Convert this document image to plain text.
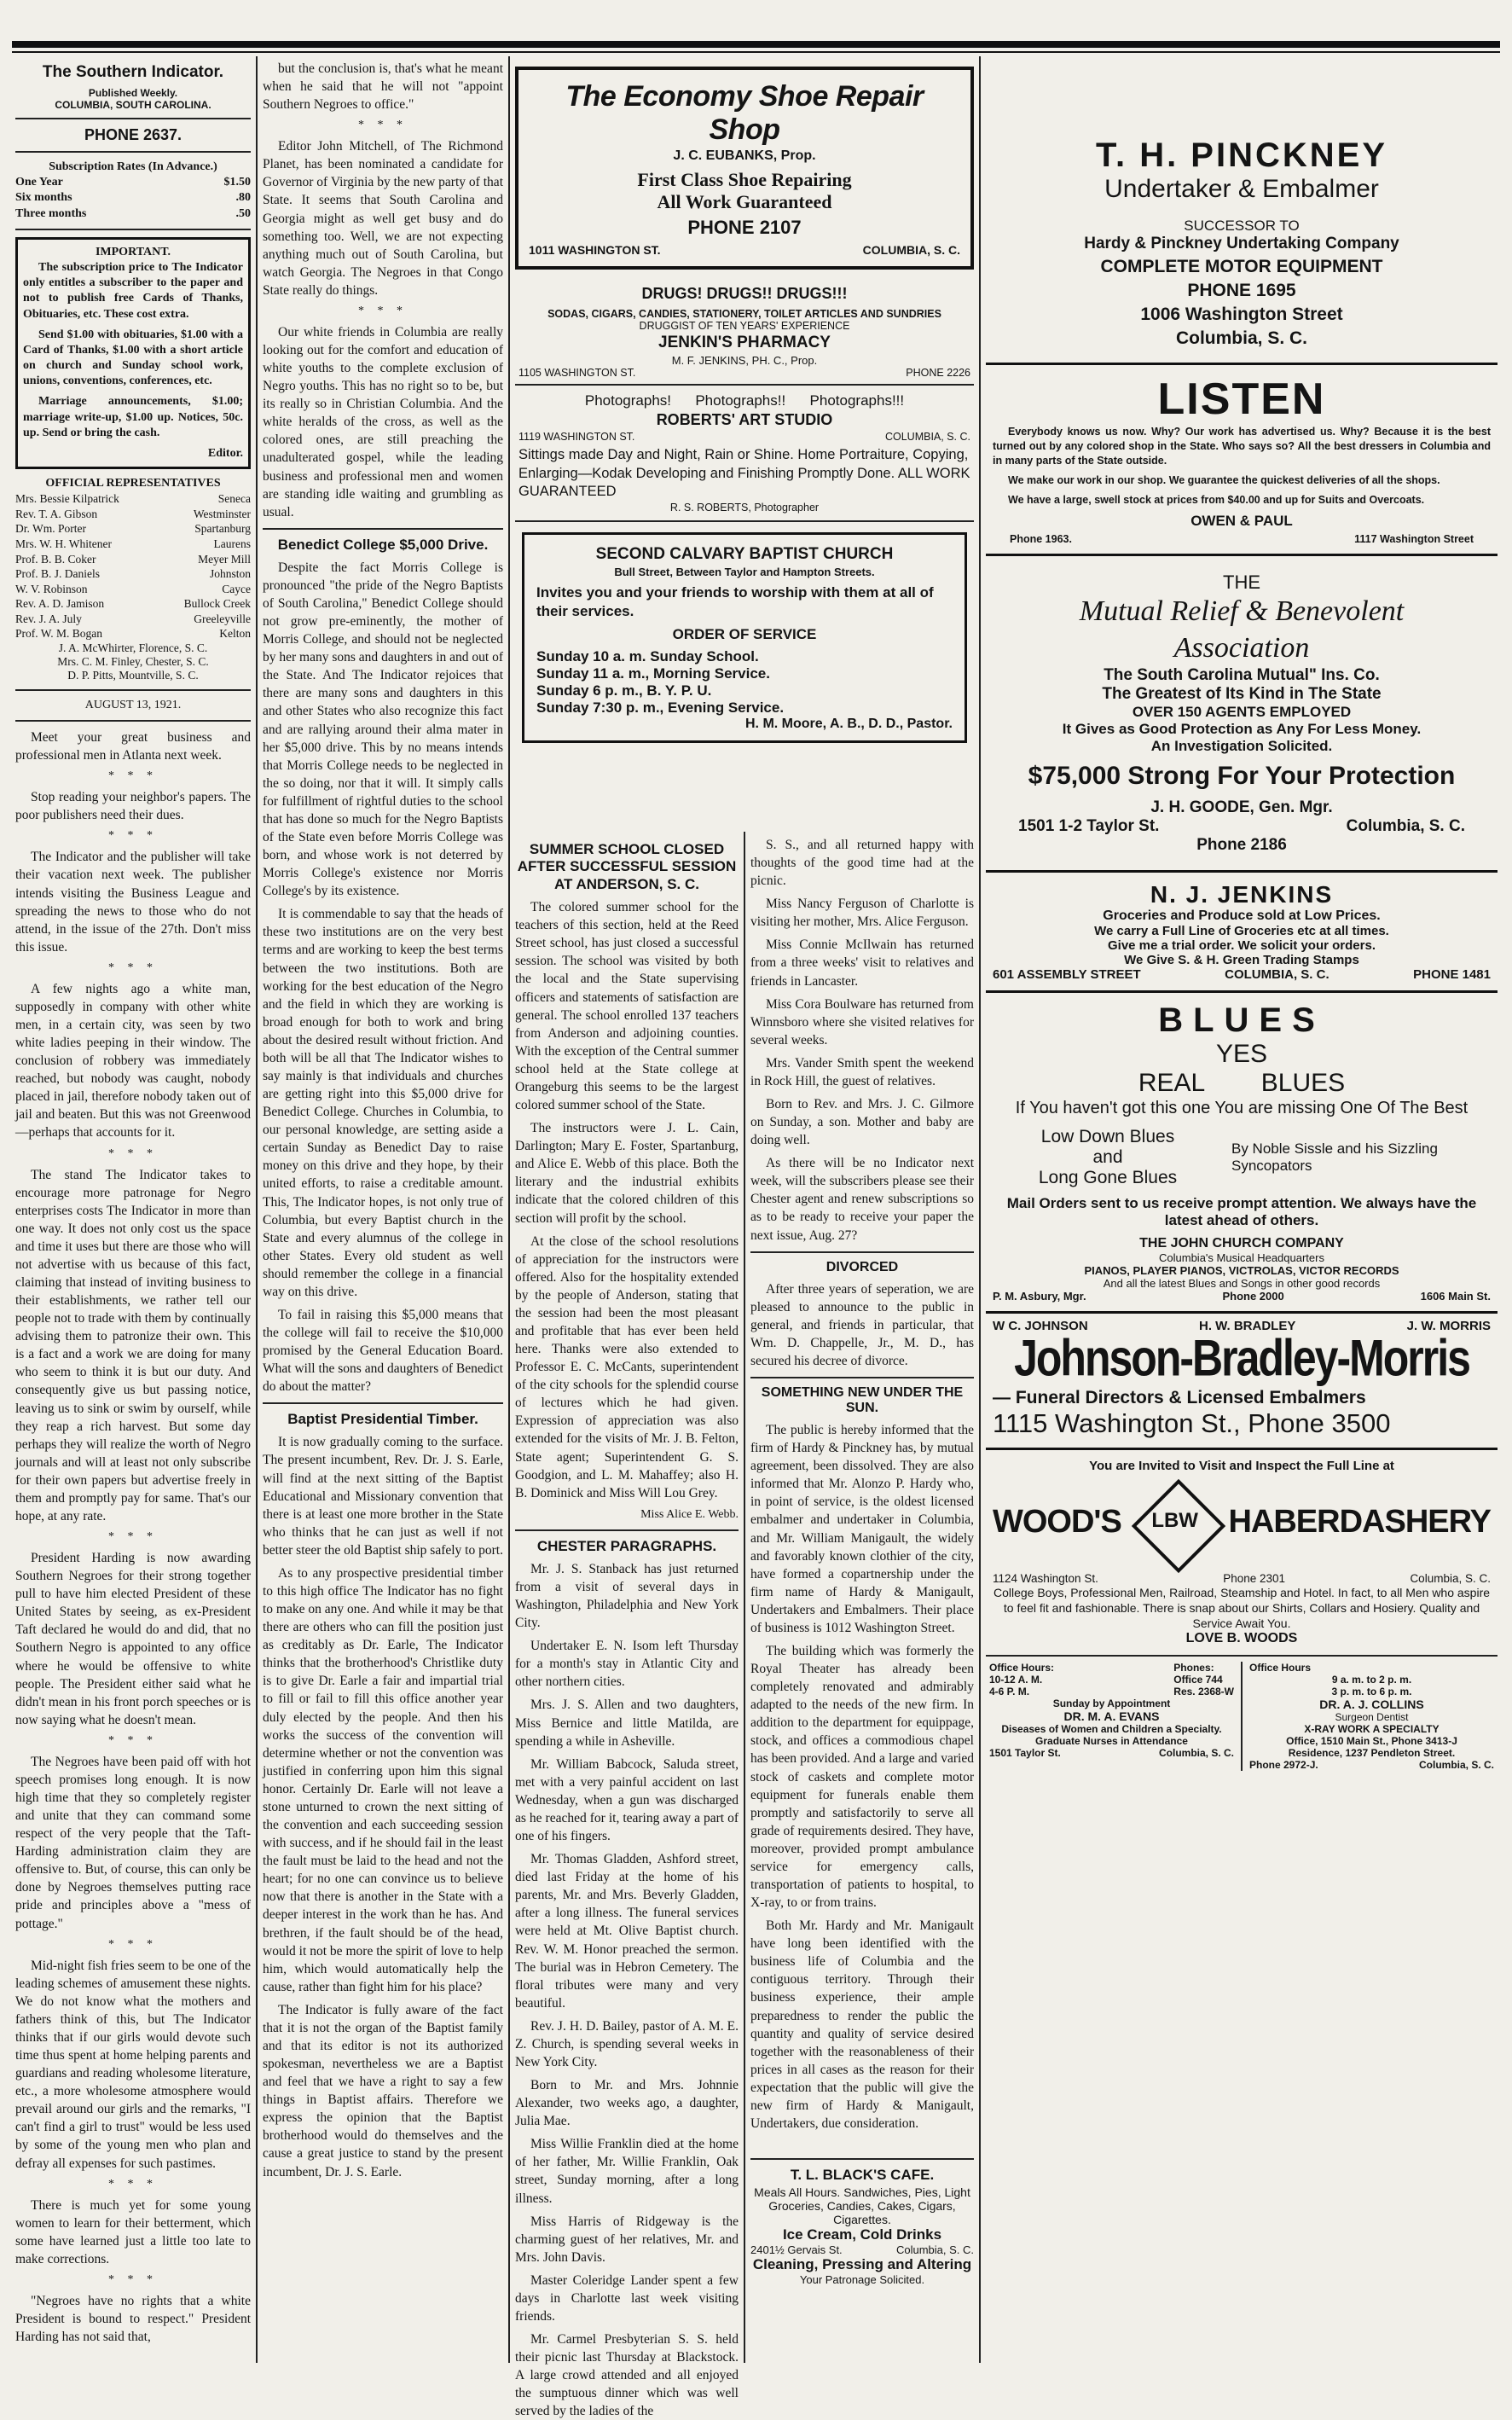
The Southern Indicator.
Published Weekly.
COLUMBIA, SOUTH CAROLINA.
PHONE 2637.
Subscription Rates (In Advance.)
One Year	$1.50
Six months	.80
Three months	.50
IMPORTANT.

The subscription price to The Indicator only entitles a subscriber to the paper and not to publish free Cards of Thanks, Obituaries, etc. These cost extra.

Send $1.00 with obituaries, $1.00 with a Card of Thanks, $1.00 with a short article on church and Sunday school work, unions, conventions, conferences, etc.

Marriage announcements, $1.00; marriage write-up, $1.00 up. Notices, 50c. up. Send or bring the cash.

Editor.
OFFICIAL REPRESENTATIVES
Mrs. Bessie Kilpatrick	Seneca
Rev. T. A. Gibson	Westminster
Dr. Wm. Porter	Spartanburg
Mrs. W. H. Whitener	Laurens
Prof. B. B. Coker	Meyer Mill
Prof. B. J. Daniels	Johnston
W. V. Robinson	Cayce
Rev. A. D. Jamison	Bullock Creek
Rev. J. A. July	Greeleyville
Prof. W. M. Bogan	Kelton
J. A. McWhirter, Florence, S. C.
Mrs. C. M. Finley, Chester, S. C.
D. P. Pitts, Mountville, S. C.
AUGUST 13, 1921.

Meet your great business and professional men in Atlanta next week.

* * *

Stop reading your neighbor's papers. The poor publishers need their dues.

* * *

The Indicator and the publisher will take their vacation next week. The publisher intends visiting the Business League and spreading the news to those who do not attend, in the issue of the 27th. Don't miss this issue.

* * *

A few nights ago a white man, supposedly in company with other white men, in a certain city, was seen by two white ladies peeping in their window. The conclusion of robbery was immediately reached, but nobody was caught, nobody placed in jail, therefore nobody taken out of jail and beaten. But this was not Greenwood —perhaps that accounts for it.

* * *

The stand The Indicator takes to encourage more patronage for Negro enterprises costs The Indicator in more than one way. It does not only cost us the space and time it uses but there are those who will not advertise with us because of this fact, claiming that instead of inviting business to their establishments, we rather tell our people not to trade with them by continually advising them to patronize their own. This is a fact and a work we are doing for many who seem to think it is but our duty. And consequently give us but passing notice, leaving us to sink or swim by ourself, while they reap a rich harvest. But some day perhaps they will realize the worth of Negro journals and will at least not only subscribe for their own papers but advertise freely in them and promptly pay for same. That's our hope, at any rate.

* * *

President Harding is now awarding Southern Negroes for their strong together pull to have him elected President of these United States by seeing, as ex-President Taft declared he would do and did, that no Southern Negro is appointed to any office where he would be offensive to white people. The President either said what he didn't mean in his front porch speeches or is now saying what he doesn't mean.

* * *

The Negroes have been paid off with hot speech promises long enough. It is now high time that they so completely register and unite that they can command some respect of the very people that the Taft-Harding administration claim they are offensive to. But, of course, this can only be done by Negroes themselves putting race pride and principles above a "mess of pottage."

* * *

Mid-night fish fries seem to be one of the leading schemes of amusement these nights. We do not know what the mothers and fathers think of this, but The Indicator thinks that if our girls would devote such time thus spent at home helping parents and guardians and reading wholesome literature, etc., a more wholesome atmosphere would prevail around our girls and the remarks, "I can't find a girl to trust" would be less used by some of the young men who plan and defray all expenses for such pastimes.

* * *

There is much yet for some young women to learn for their betterment, which some have learned just a little too late to make corrections.

* * *

"Negroes have no rights that a white President is bound to respect." President Harding has not said that,

but the conclusion is, that's what he meant when he said that he will not "appoint Southern Negroes to office."

* * *

Editor John Mitchell, of The Richmond Planet, has been nominated a candidate for Governor of Virginia by the new party of that State. It seems that South Carolina and Georgia might as well get busy and do something too. Well, we are not expecting anything much out of South Carolina, but watch Georgia. The Negroes in that Congo State really do things.

* * *

Our white friends in Columbia are really looking out for the comfort and education of white youths to the complete exclusion of Negro youths. This has no right so to be, but its really so in Christian Columbia. And the white heralds of the cross, as well as the colored ones, are still preaching the unadulterated gospel, while the leading business and professional men and women are standing idle waiting and grumbling as usual.

Benedict College $5,000 Drive.

Despite the fact Morris College is pronounced "the pride of the Negro Baptists of South Carolina," Benedict College should not grow pre-eminently, the mother of Morris College, and should not be neglected by her many sons and daughters in and out of the State. And The Indicator rejoices that there are many sons and daughters in this and other States who also recognize this fact and are rallying around their alma mater in her $5,000 drive. This by no means intends that Morris College needs to be neglected in the so doing, nor that it will. It simply calls for fulfillment of rightful duties to the school that has done so much for the Negro Baptists of the State even before Morris College was born, and whose work is not deterred by Morris College's existence nor Morris College's by its existence.

It is commendable to say that the heads of these two institutions are on the very best terms and are working to keep the best terms between the two institutions. Both are working for the best education of the Negro and the field in which they are working is broad enough for both to work and bring about the desired result without friction. And both will be all that The Indicator wishes to say mainly is that individuals and churches are getting right into this $5,000 drive for Benedict College. Churches in Columbia, to our personal knowledge, are setting aside a certain Sunday as Benedict Day to raise money on this drive and they hope, by their united efforts, to raise a creditable amount. This, The Indicator hopes, is not only true of Columbia, but every Baptist church in the State and every alumnus of the college in other States. Every old student as well should remember the college in a financial way on this drive.

To fail in raising this $5,000 means that the college will fail to receive the $10,000 promised by the General Education Board. What will the sons and daughters of Benedict do about the matter?

Baptist Presidential Timber.

It is now gradually coming to the surface. The present incumbent, Rev. Dr. J. S. Earle, will find at the next sitting of the Baptist Educational and Missionary convention that there is at least one more brother in the State who thinks that he can just as well if not better steer the old Baptist ship safely to port.

As to any prospective presidential timber to this high office The Indicator has no fight to make on any one. And while it may be that there are others who can fill the position just as creditably as Dr. Earle, The Indicator thinks that the brotherhood's Christlike duty is to give Dr. Earle a fair and impartial trial to fill or fail to fill this office another year duly elected by the people. And then his works the success of the convention will determine whether or not the convention was justified in conferring upon him this signal honor. Certainly Dr. Earle will not leave a stone unturned to crown the next sitting of the convention and each succeeding session with success, and if he should fail in the least the fault must be laid to the head and not the heart; for no one can convince us to believe now that there is another in the State with a deeper interest in the work than he has. And brethren, if the fault should be of the head, would it not be more the spirit of love to help him, which would automatically help the cause, rather than fight him for his place?

The Indicator is fully aware of the fact that it is not the organ of the Baptist family and that its editor is not its authorized spokesman, nevertheless we are a Baptist and feel that we have a right to say a few things in Baptist affairs. Therefore we express the opinion that the Baptist brotherhood would do themselves and the cause a great justice to stand by the present incumbent, Dr. J. S. Earle.

The Economy Shoe Repair Shop
J. C. EUBANKS, Prop.
First Class Shoe Repairing
All Work Guaranteed
PHONE 2107
1011 WASHINGTON ST.	COLUMBIA, S. C.
DRUGS! DRUGS!! DRUGS!!!
SODAS, CIGARS, CANDIES, STATIONERY, TOILET ARTICLES AND SUNDRIES
DRUGGIST OF TEN YEARS' EXPERIENCE
JENKIN'S PHARMACY
M. F. JENKINS, PH. C., Prop.
1105 WASHINGTON ST.	PHONE 2226
Photographs!      Photographs!!      Photographs!!!
ROBERTS' ART STUDIO
1119 WASHINGTON ST.	COLUMBIA, S. C.
Sittings made Day and Night, Rain or Shine. Home Portraiture, Copying, Enlarging—Kodak Developing and Finishing Promptly Done. ALL WORK GUARANTEED
R. S. ROBERTS, Photographer
SECOND CALVARY BAPTIST CHURCH
Bull Street, Between Taylor and Hampton Streets.
Invites you and your friends to worship with them at all of their services.
ORDER OF SERVICE
Sunday 10 a. m. Sunday School.
Sunday 11 a. m., Morning Service.
Sunday 6 p. m., B. Y. P. U.
Sunday 7:30 p. m., Evening Service.
H. M. Moore, A. B., D. D., Pastor.
SUMMER SCHOOL CLOSED AFTER SUCCESSFUL SESSION AT ANDERSON, S. C.

The colored summer school for the teachers of this section, held at the Reed Street school, has just closed a successful session. The school was visited by both the local and the State supervising officers and statements of satisfaction are general. The school enrolled 137 teachers from Anderson and adjoining counties. With the exception of the Central summer school held at the State college at Orangeburg this seems to be the largest colored summer school of the State.

The instructors were J. L. Cain, Darlington; Mary E. Foster, Spartanburg, and Alice E. Webb of this place. Both the literary and the industrial exhibits indicate that the colored children of this section will profit by the school.

At the close of the school resolutions of appreciation for the instructors were offered. Also for the hospitality extended by the people of Anderson, stating that the session had been the most pleasant and profitable that has ever been held here. Thanks were also extended to Professor E. C. McCants, superintendent of the city schools for the splendid course of lectures which he had given. Expression of appreciation was also extended for the visits of Mr. J. B. Felton, State agent; Superintendent G. S. Goodgion, and L. M. Mahaffey; also H. B. Dominick and Miss Will Lou Grey.

Miss Alice E. Webb.
CHESTER PARAGRAPHS.

Mr. J. S. Stanback has just returned from a visit of several days in Washington, Philadelphia and New York City.

Undertaker E. N. Isom left Thursday for a month's stay in Atlantic City and other northern cities.

Mrs. J. S. Allen and two daughters, Miss Bernice and little Matilda, are spending a while in Asheville.

Mr. William Babcock, Saluda street, met with a very painful accident on last Wednesday, when a gun was discharged as he reached for it, tearing away a part of one of his fingers.

Mr. Thomas Gladden, Ashford street, died last Friday at the home of his parents, Mr. and Mrs. Beverly Gladden, after a long illness. The funeral services were held at Mt. Olive Baptist church. Rev. W. M. Honor preached the sermon. The burial was in Hebron Cemetery. The floral tributes were many and very beautiful.

Rev. J. H. D. Bailey, pastor of A. M. E. Z. Church, is spending several weeks in New York City.

Born to Mr. and Mrs. Johnnie Alexander, two weeks ago, a daughter, Julia Mae.

Miss Willie Franklin died at the home of her father, Mr. Willie Franklin, Oak street, Sunday morning, after a long illness.

Miss Harris of Ridgeway is the charming guest of her relatives, Mr. and Mrs. John Davis.

Master Coleridge Lander spent a few days in Charlotte last week visiting friends.

Mr. Carmel Presbyterian S. S. held their picnic last Thursday at Blackstock. A large crowd attended and all enjoyed the sumptuous dinner which was well served by the ladies of the

S. S., and all returned happy with thoughts of the good time had at the picnic.

Miss Nancy Ferguson of Charlotte is visiting her mother, Mrs. Alice Ferguson.

Miss Connie McIlwain has returned from a three weeks' visit to relatives and friends in Lancaster.

Miss Cora Boulware has returned from Winnsboro where she visited relatives for several weeks.

Mrs. Vander Smith spent the weekend in Rock Hill, the guest of relatives.

Born to Rev. and Mrs. J. C. Gilmore on Sunday, a son. Mother and baby are doing well.

As there will be no Indicator next week, will the subscribers please see their Chester agent and renew subscriptions so as to be ready to receive your paper the next issue, Aug. 27?

DIVORCED

After three years of seperation, we are pleased to announce to the public in general, and friends in particular, that Wm. D. Chappelle, Jr., M. D., has secured his decree of divorce.

SOMETHING NEW UNDER THE SUN.

The public is hereby informed that the firm of Hardy & Pinckney has, by mutual agreement, been dissolved. They are also informed that Mr. Alonzo P. Hardy who, in point of service, is the oldest licensed embalmer and undertaker in Columbia, and Mr. William Manigault, the widely and favorably known clothier of the city, have formed a copartnership under the firm name of Hardy & Manigault, Undertakers and Embalmers. Their place of business is 1012 Washington Street.

The building which was formerly the Royal Theater has already been completely renovated and admirably adapted to the needs of the new firm. In addition to the department for equippage, stock, and offices a commodious chapel has been provided. And a large and varied stock of caskets and complete motor equipment for funerals enable them promptly and satisfactorily to serve all grade of requirements desired. They have, moreover, provided prompt ambulance service for emergency calls, transportation of patients to hospital, to X-ray, to or from trains.

Both Mr. Hardy and Mr. Manigault have long been identified with the business life of Columbia and the contiguous territory. Through their business experience, their ample preparedness to render the public the quantity and quality of service desired together with the reasonableness of their prices in all cases as the reason for their expectation that the public will give the new firm of Hardy & Manigault, Undertakers, due consideration.

T. L. BLACK'S CAFE.
Meals All Hours. Sandwiches, Pies, Light Groceries, Candies, Cakes, Cigars, Cigarettes.
Ice Cream, Cold Drinks
2401½ Gervais St.	Columbia, S. C.
Cleaning, Pressing and Altering
Your Patronage Solicited.
T. H. PINCKNEY
Undertaker & Embalmer
SUCCESSOR TO
Hardy & Pinckney Undertaking Company
COMPLETE MOTOR EQUIPMENT
PHONE 1695
1006 Washington Street
Columbia, S. C.
LISTEN

Everybody knows us now. Why? Our work has advertised us. Why? Because it is the best turned out by any colored shop in the State. Who says so? All the best dressers in Columbia and in many parts of the State outside.

We make our work in our shop. We guarantee the quickest deliveries of all the shops.

We have a large, swell stock at prices from $40.00 and up for Suits and Overcoats.

OWEN & PAUL
Phone 1963.	1117 Washington Street
THE
Mutual Relief & Benevolent Association
The South Carolina Mutual" Ins. Co.
The Greatest of Its Kind in The State
OVER 150 AGENTS EMPLOYED
It Gives as Good Protection as Any For Less Money.
An Investigation Solicited.
$75,000 Strong For Your Protection
J. H. GOODE, Gen. Mgr.
1501 1-2 Taylor St.	Columbia, S. C.
Phone 2186
N. J. JENKINS
Groceries and Produce sold at Low Prices.
We carry a Full Line of Groceries etc at all times.
Give me a trial order. We solicit your orders.
We Give S. & H. Green Trading Stamps
601 ASSEMBLY STREET	COLUMBIA, S. C.	PHONE 1481
BLUES
YES
REAL        BLUES
If You haven't got this one You are missing One Of The Best
Low Down Blues
and
Long Gone Blues
By Noble Sissle and his Sizzling Syncopators
Mail Orders sent to us receive prompt attention. We always have the latest ahead of others.
THE JOHN CHURCH COMPANY
Columbia's Musical Headquarters
PIANOS, PLAYER PIANOS, VICTROLAS, VICTOR RECORDS
And all the latest Blues and Songs in other good records
P. M. Asbury, Mgr.	Phone 2000	1606 Main St.
W C. JOHNSON	H. W. BRADLEY	J. W. MORRIS
Johnson-Bradley-Morris
— Funeral Directors & Licensed Embalmers
1115 Washington St., Phone 3500
You are Invited to Visit and Inspect the Full Line at
WOOD'S	LBW HABERDASHERY
1124 Washington St.	Phone 2301	Columbia, S. C.
College Boys, Professional Men, Railroad, Steamship and Hotel. In fact, to all Men who aspire to feel fit and fashionable. There is snap about our Shirts, Collars and Hosiery. Quality and Service Await You.
LOVE B. WOODS
Office Hours:
10-12 A. M.
4-6 P. M.
Phones:
Office 744
Res. 2368-W
Sunday by Appointment
DR. M. A. EVANS
Diseases of Women and Children a Specialty. Graduate Nurses in Attendance
1501 Taylor St.	Columbia, S. C.
Office Hours
9 a. m. to 2 p. m.
3 p. m. to 6 p. m.
DR. A. J. COLLINS
Surgeon Dentist
X-RAY WORK A SPECIALTY
Office, 1510 Main St., Phone 3413-J
Residence, 1237 Pendleton Street.
Phone 2972-J.	Columbia, S. C.
